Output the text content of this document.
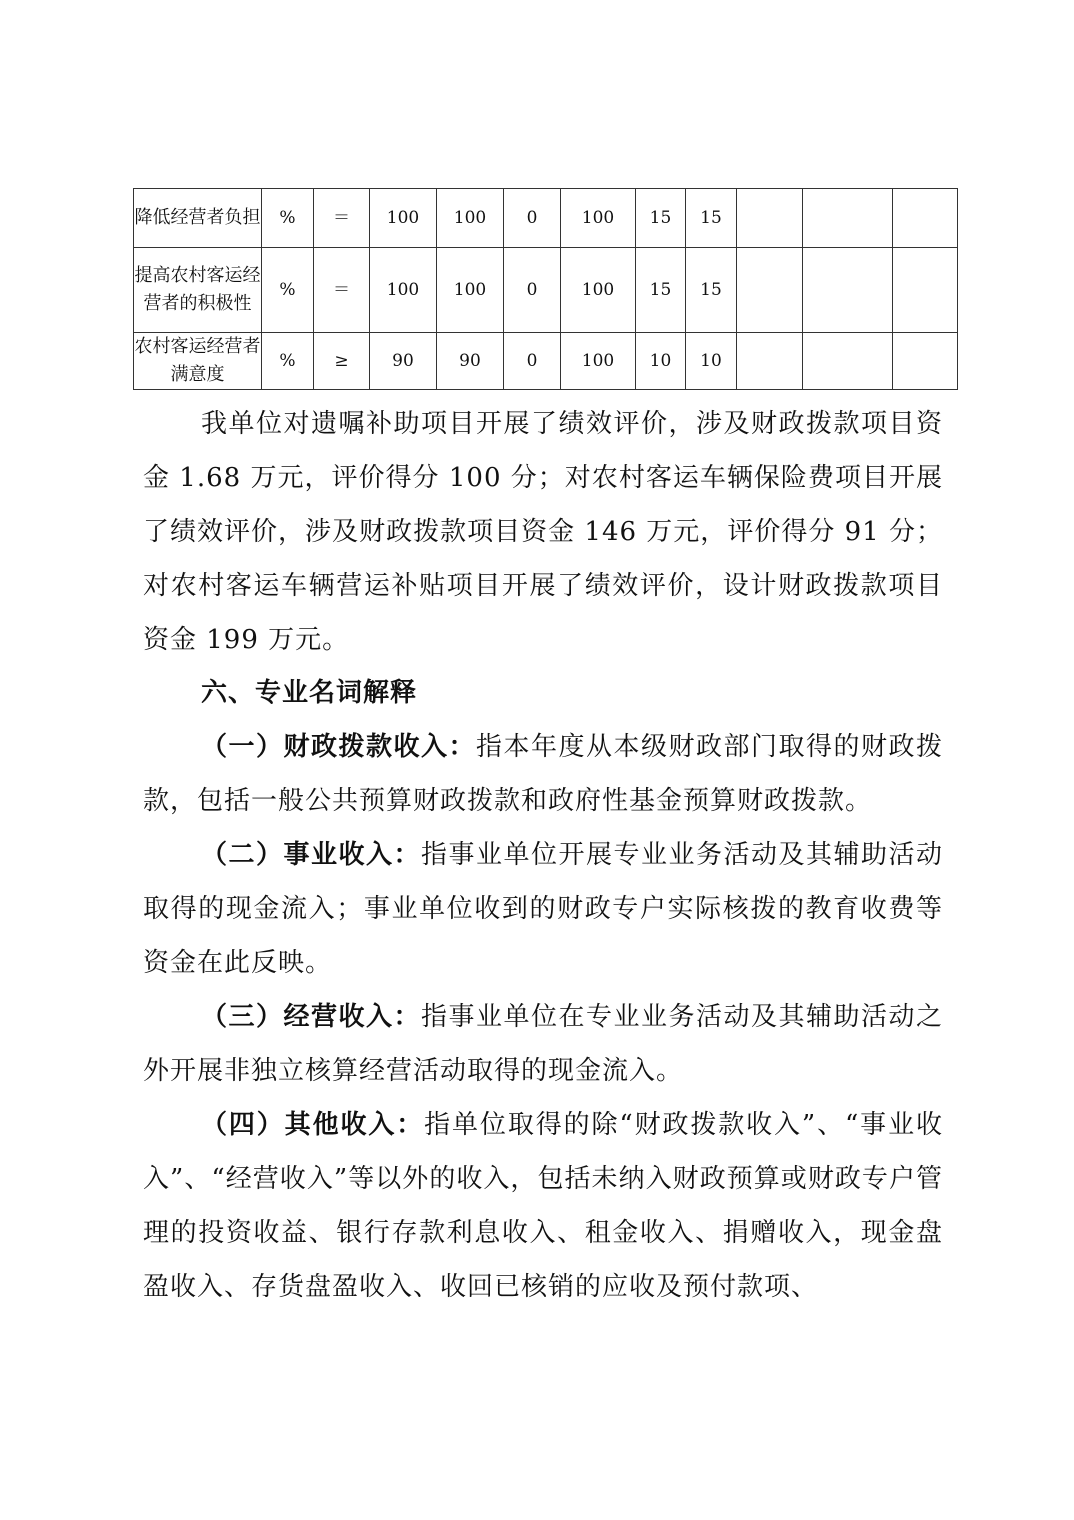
降低经营者负担	%	＝	100	100	0	100	15	15			
提高农村客运经营者的积极性	%	＝	100	100	0	100	15	15			
农村客运经营者满意度	%	≥	90	90	0	100	10	10			

我单位对遗嘱补助项目开展了绩效评价，涉及财政拨款项目资金 1.68 万元，评价得分 100 分；对农村客运车辆保险费项目开展了绩效评价，涉及财政拨款项目资金 146 万元，评价得分 91 分；对农村客运车辆营运补贴项目开展了绩效评价，设计财政拨款项目资金 199 万元。

六、专业名词解释

（一）财政拨款收入：指本年度从本级财政部门取得的财政拨款，包括一般公共预算财政拨款和政府性基金预算财政拨款。

（二）事业收入：指事业单位开展专业业务活动及其辅助活动取得的现金流入；事业单位收到的财政专户实际核拨的教育收费等资金在此反映。

（三）经营收入：指事业单位在专业业务活动及其辅助活动之外开展非独立核算经营活动取得的现金流入。

（四）其他收入：指单位取得的除“财政拨款收入”、“事业收入”、“经营收入”等以外的收入，包括未纳入财政预算或财政专户管理的投资收益、银行存款利息收入、租金收入、捐赠收入，现金盘盈收入、存货盘盈收入、收回已核销的应收及预付款项、
